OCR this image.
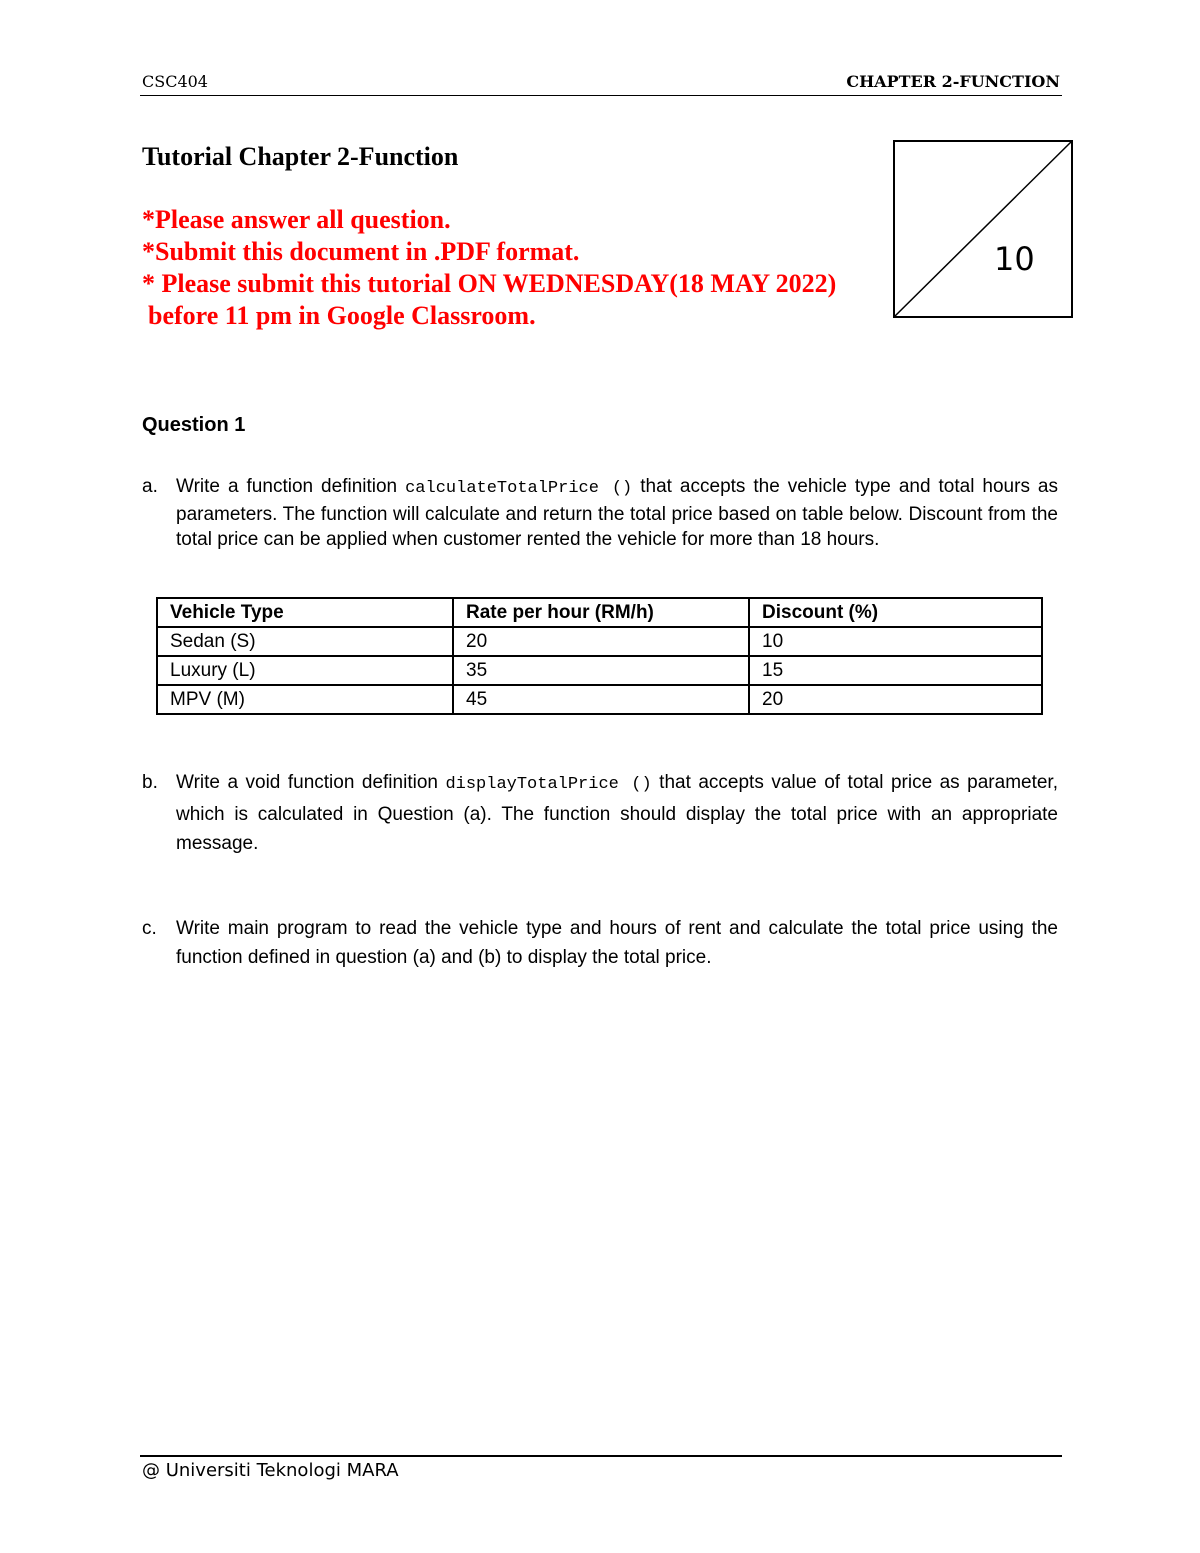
CSC404	CHAPTER 2-FUNCTION
Tutorial Chapter 2-Function
*Please answer all question.
*Submit this document in .PDF format.
* Please submit this tutorial ON WEDNESDAY(18 MAY 2022)
before 11 pm in Google Classroom.
10
Question 1
a. Write a function definition calculateTotalPrice () that accepts the vehicle type and total hours as parameters. The function will calculate and return the total price based on table below. Discount from the total price can be applied when customer rented the vehicle for more than 18 hours.
Vehicle Type	Rate per hour (RM/h)	Discount (%)
Sedan (S)	20	10
Luxury (L)	35	15
MPV (M)	45	20
b. Write a void function definition displayTotalPrice () that accepts value of total price as parameter, which is calculated in Question (a). The function should display the total price with an appropriate message.
c. Write main program to read the vehicle type and hours of rent and calculate the total price using the function defined in question (a) and (b) to display the total price.
@ Universiti Teknologi MARA
